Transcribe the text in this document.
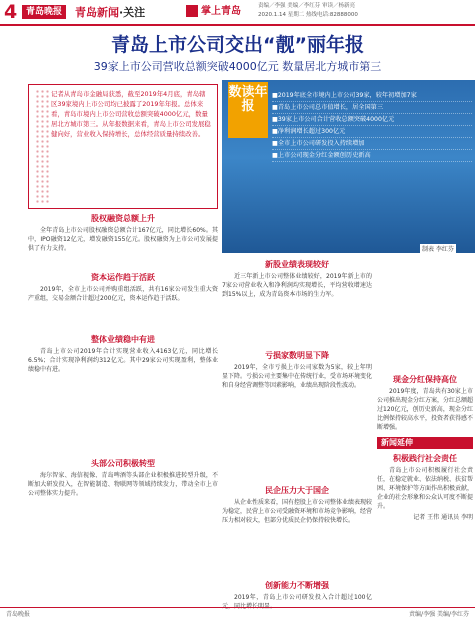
4 青岛晚报	青岛新闻·关注	掌上青岛	责编／李强 美编／李红芬 审读／杨新亮
2020.1.14 星期二 热线电话:82888000
青岛上市公司交出“靓”丽年报
39家上市公司营收总额突破4000亿元 数量居北方城市第三
记者从青岛市金融局获悉，截至2019年4月底，青岛辖区39家境内上市公司均已披露了2019年年报。总体来看，青岛市境内上市公司营收总额突破4000亿元，数量居北方城市第三。从年报数据来看，青岛上市公司发展稳健向好，营业收入保持增长，总体经营质量持续改善。
数读年报
■2019年底全市境内上市公司39家，较年初增加7家
■青岛上市公司总市值增长，居全国第三
■39家上市公司合计营收总额突破4000亿元
■净利润增长超过300亿元
■全市上市公司研发投入持续增加
■上市公司现金分红金额创历史新高
制表 李红芬
股权融资总额上升

全年青岛上市公司股权融资总额合计167亿元，同比增长60%。其中，IPO融资12亿元，增发融资155亿元。股权融资为上市公司发展提供了有力支持。

资本运作趋于活跃

2019年，全市上市公司并购重组活跃，共有16家公司发生重大资产重组，交易金额合计超过200亿元，资本运作趋于活跃。

整体业绩稳中有进

青岛上市公司2019年合计实现营业收入4163亿元，同比增长6.5%；合计实现净利润约312亿元。其中29家公司实现盈利，整体业绩稳中有进。

头部公司积极转型

海尔智家、海信视像、青岛啤酒等头部企业积极推进转型升级，不断加大研发投入，在智能制造、物联网等领域持续发力，带动全市上市公司整体实力提升。

新股业绩表现较好

近三年新上市公司整体业绩较好，2019年新上市的7家公司营业收入和净利润均实现增长，平均营收增速达到15%以上，成为青岛资本市场的生力军。

亏损家数明显下降

2019年，全市亏损上市公司家数为5家，较上年明显下降。亏损公司主要集中在传统行业，受市场环境变化和自身经营调整等因素影响，业绩出现阶段性波动。

民企压力大于国企

从企业性质来看，国有控股上市公司整体业绩表现较为稳定，民营上市公司受融资环境和市场竞争影响，经营压力相对较大，但部分优质民企仍保持较快增长。

创新能力不断增强

2019年，青岛上市公司研发投入合计超过100亿元，同比增长明显。

现金分红保持高位

2019年度，青岛共有30家上市公司推出现金分红方案，分红总额超过120亿元，创历史新高，现金分红比例保持较高水平，投资者获得感不断增强。

新闻延伸
积极践行社会责任

青岛上市公司积极履行社会责任，在稳定就业、依法纳税、扶贫帮困、环境保护等方面作出积极贡献，企业的社会形象和公众认可度不断提升。

记者 王伟 通讯员 李明

青岛晚报	责编/李强 美编/李红芬
